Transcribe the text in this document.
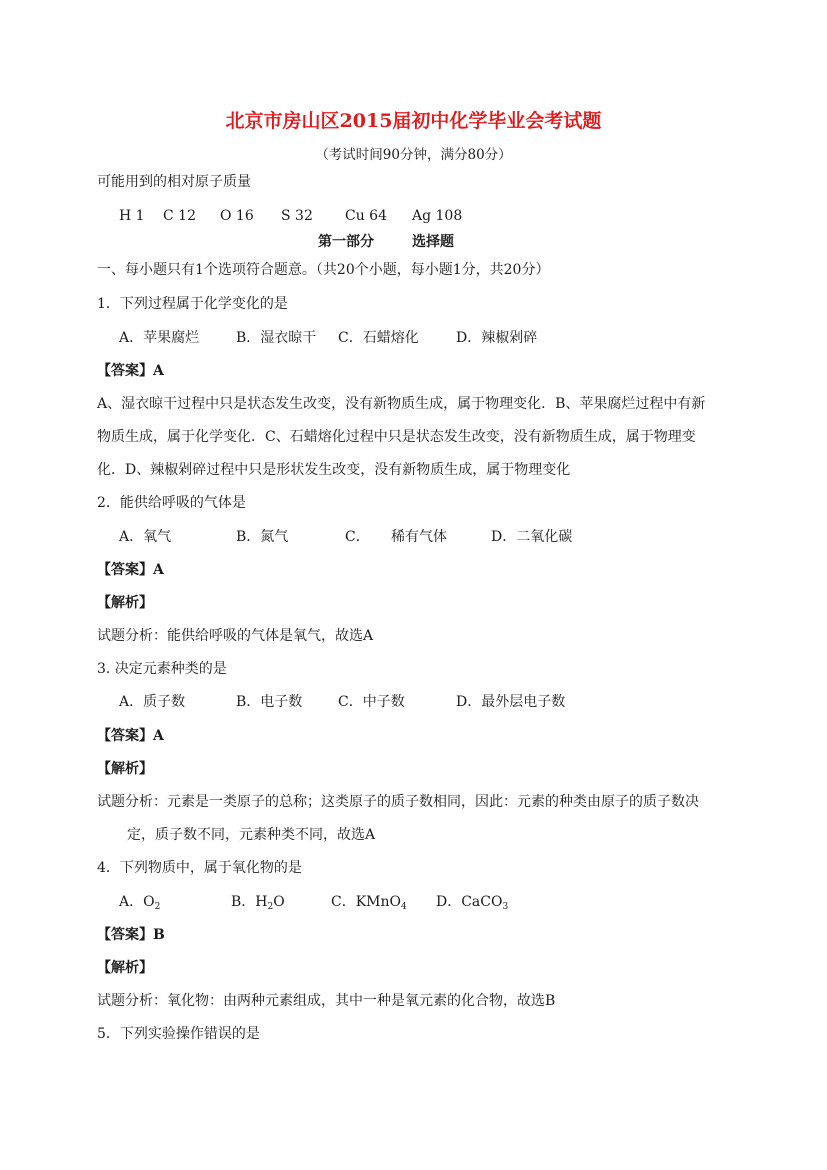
北京市房山区2015届初中化学毕业会考试题
（考试时间90分钟，满分80分）
可能用到的相对原子质量
H 1 C 12 O 16 S 32 Cu 64 Ag 108
第一部分	选择题
一、每小题只有1个选项符合题意。（共20个小题，每小题1分，共20分）
1．下列过程属于化学变化的是
A．苹果腐烂	B．湿衣晾干 C．石蜡熔化	D．辣椒剁碎
【答案】A
A、湿衣晾干过程中只是状态发生改变，没有新物质生成，属于物理变化．B、苹果腐烂过程中有新
物质生成，属于化学变化．C、石蜡熔化过程中只是状态发生改变，没有新物质生成，属于物理变
化．D、辣椒剁碎过程中只是形状发生改变，没有新物质生成，属于物理变化
2．能供给呼吸的气体是
A．氧气	B．氮气	C． 稀有气体	D．二氧化碳
【答案】A
【解析】
试题分析：能供给呼吸的气体是氧气，故选A
3. 决定元素种类的是
A．质子数	B．电子数	C．中子数	D．最外层电子数
【答案】A
【解析】
试题分析：元素是一类原子的总称；这类原子的质子数相同，因此：元素的种类由原子的质子数决
定，质子数不同，元素种类不同，故选A
4．下列物质中，属于氧化物的是
A．$O_2$	B．$H_2O$	C．KMnO$_4$ D．CaCO$_3$
【答案】B
【解析】
试题分析：氧化物：由两种元素组成，其中一种是氧元素的化合物，故选B
5．下列实验操作错误的是
